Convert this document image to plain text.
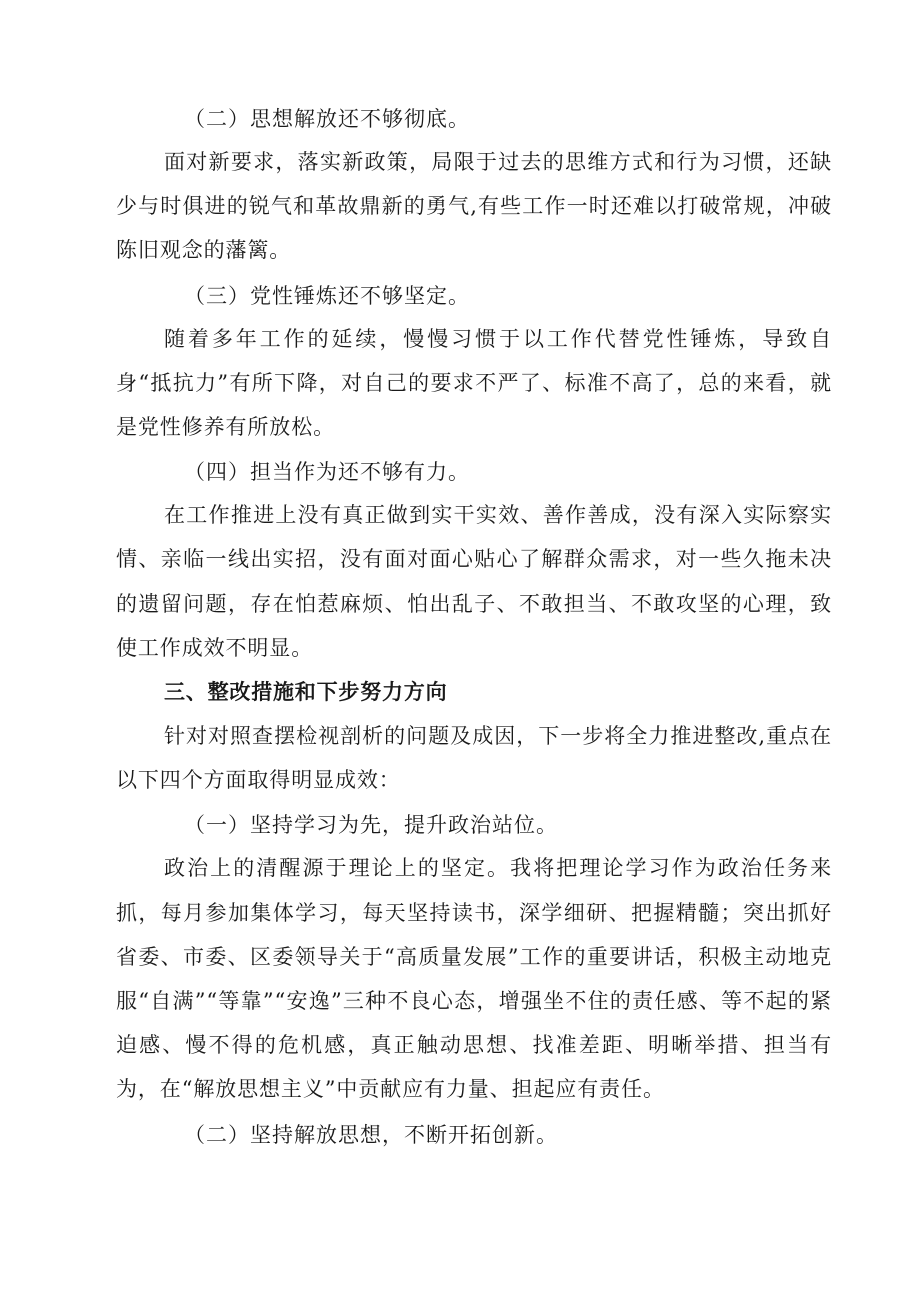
（二）思想解放还不够彻底。

面对新要求，落实新政策，局限于过去的思维方式和行为习惯，还缺少与时俱进的锐气和革故鼎新的勇气,有些工作一时还难以打破常规，冲破陈旧观念的藩篱。

（三）党性锤炼还不够坚定。

随着多年工作的延续，慢慢习惯于以工作代替党性锤炼，导致自身“抵抗力”有所下降，对自己的要求不严了、标准不高了，总的来看，就是党性修养有所放松。

（四）担当作为还不够有力。

在工作推进上没有真正做到实干实效、善作善成，没有深入实际察实情、亲临一线出实招，没有面对面心贴心了解群众需求，对一些久拖未决的遗留问题，存在怕惹麻烦、怕出乱子、不敢担当、不敢攻坚的心理，致使工作成效不明显。

三、整改措施和下步努力方向

针对对照查摆检视剖析的问题及成因，下一步将全力推进整改,重点在以下四个方面取得明显成效：

（一）坚持学习为先，提升政治站位。

政治上的清醒源于理论上的坚定。我将把理论学习作为政治任务来抓，每月参加集体学习，每天坚持读书，深学细研、把握精髓；突出抓好省委、市委、区委领导关于“高质量发展”工作的重要讲话，积极主动地克服“自满”“等靠”“安逸”三种不良心态，增强坐不住的责任感、等不起的紧迫感、慢不得的危机感，真正触动思想、找准差距、明晰举措、担当有为，在“解放思想主义”中贡献应有力量、担起应有责任。

（二）坚持解放思想，不断开拓创新。
